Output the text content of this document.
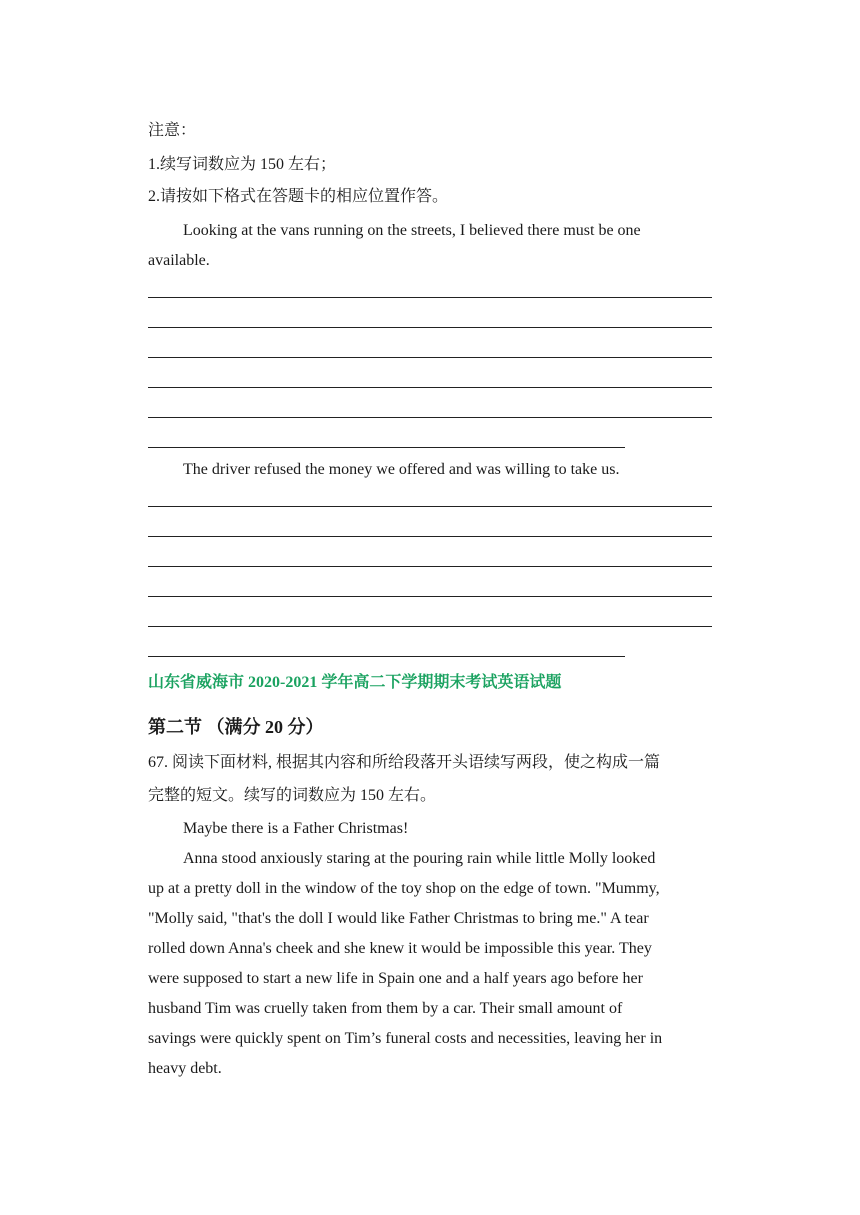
注意：
1.续写词数应为 150 左右；
2.请按如下格式在答题卡的相应位置作答。
Looking at the vans running on the streets, I believed there must be one
available.
The driver refused the money we offered and was willing to take us.
山东省威海市 2020-2021 学年高二下学期期末考试英语试题
第二节 （满分 20 分）
67. 阅读下面材料, 根据其内容和所给段落开头语续写两段，使之构成一篇
完整的短文。续写的词数应为 150 左右。
Maybe there is a Father Christmas!
Anna stood anxiously staring at the pouring rain while little Molly looked
up at a pretty doll in the window of the toy shop on the edge of town. "Mummy,
"Molly said, "that's the doll I would like Father Christmas to bring me." A tear
rolled down Anna's cheek and she knew it would be impossible this year. They
were supposed to start a new life in Spain one and a half years ago before her
husband Tim was cruelly taken from them by a car. Their small amount of
savings were quickly spent on Tim’s funeral costs and necessities, leaving her in
heavy debt.
